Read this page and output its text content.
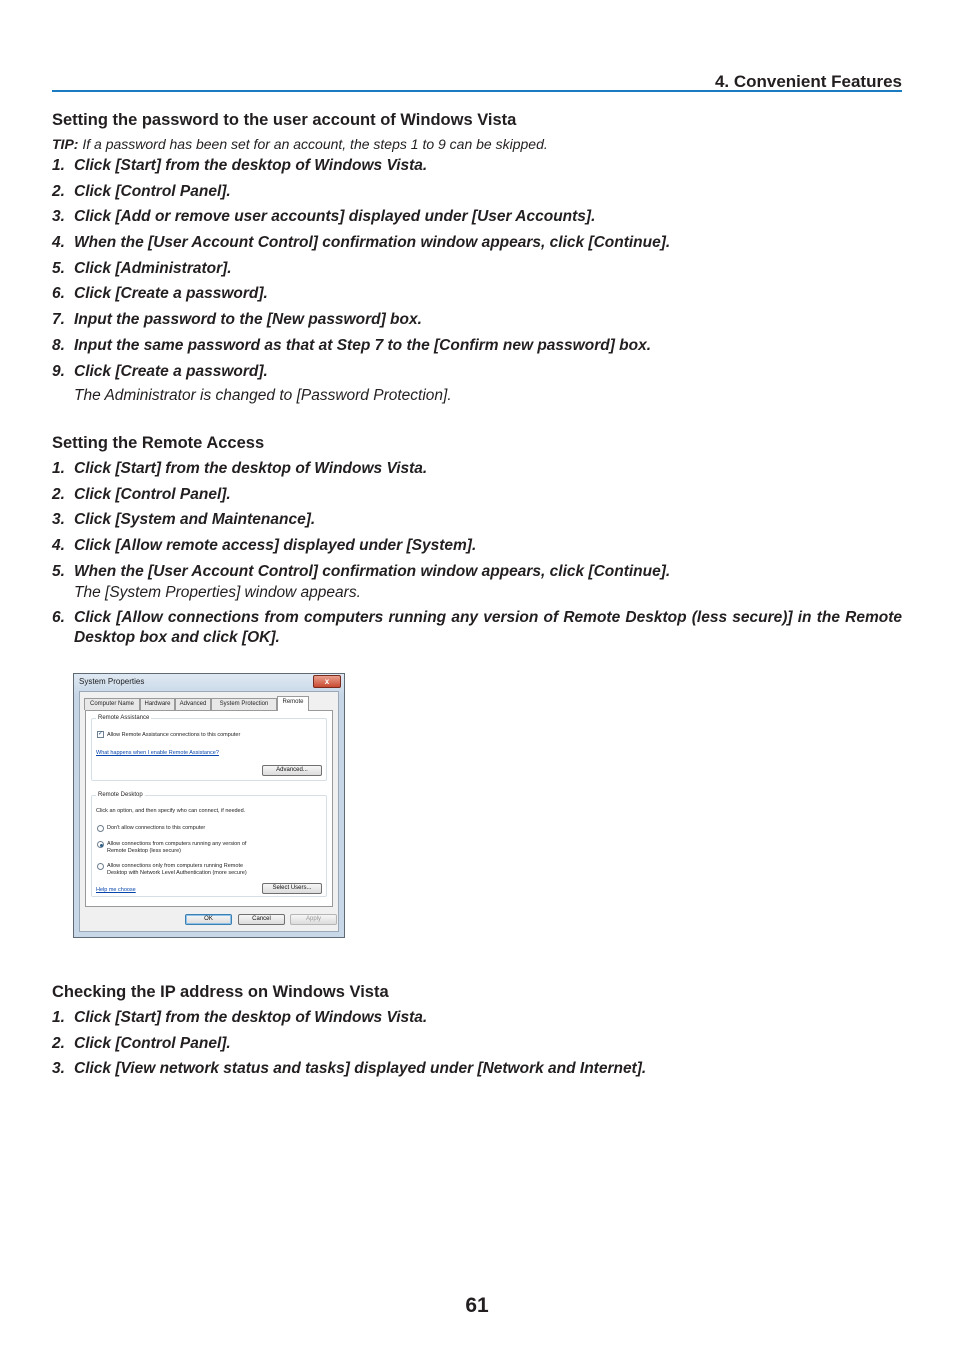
4. Convenient Features
Setting the password to the user account of Windows Vista
TIP: If a password has been set for an account, the steps 1 to 9 can be skipped.
1. Click [Start] from the desktop of Windows Vista.
2. Click [Control Panel].
3. Click [Add or remove user accounts] displayed under [User Accounts].
4. When the [User Account Control] confirmation window appears, click [Continue].
5. Click [Administrator].
6. Click [Create a password].
7. Input the password to the [New password] box.
8. Input the same password as that at Step 7 to the [Confirm new password] box.
9. Click [Create a password].
The Administrator is changed to [Password Protection].
Setting the Remote Access
1. Click [Start] from the desktop of Windows Vista.
2. Click [Control Panel].
3. Click [System and Maintenance].
4. Click [Allow remote access] displayed under [System].
5. When the [User Account Control] confirmation window appears, click [Continue].
The [System Properties] window appears.
6. Click [Allow connections from computers running any version of Remote Desktop (less secure)] in the Remote Desktop box and click [OK].
System Properties	x
Computer Name	Hardware	Advanced	System Protection	Remote
Remote Assistance
✓ Allow Remote Assistance connections to this computer
What happens when I enable Remote Assistance?
Advanced...
Remote Desktop
Click an option, and then specify who can connect, if needed.
Don't allow connections to this computer
Allow connections from computers running any version of
Remote Desktop (less secure)
Allow connections only from computers running Remote
Desktop with Network Level Authentication (more secure)
Help me choose	Select Users...
OK	Cancel	Apply
Checking the IP address on Windows Vista
1. Click [Start] from the desktop of Windows Vista.
2. Click [Control Panel].
3. Click [View network status and tasks] displayed under [Network and Internet].
61
